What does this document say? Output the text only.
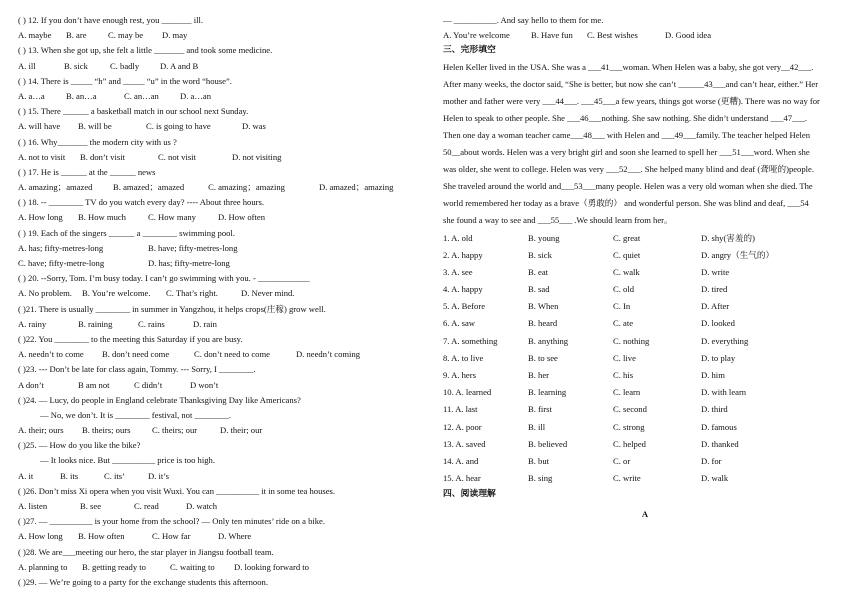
( ) 12. If you don’t have enough rest, you _______ ill.
A. maybe	B. are	C. may be	D. may
( ) 13. When she got up, she felt a little _______ and took some medicine.
A. ill	B. sick	C. badly	D. A and B
( ) 14. There is _____ “h” and _____ “u” in the word “house”.
A. a…a	B. an…a	C. an…an	D. a…an
( ) 15. There ______ a basketball match in our school next Sunday.
A. will have	B. will be	C. is going to have	D. was
( ) 16. Why_______ the modern city with us ?
A. not to visit	B. don’t visit	C. not visit	D. not visiting
( ) 17. He is ______ at the ______ news
A. amazing；amazed	B. amazed；amazed	C. amazing；amazing	D. amazed；amazing
( ) 18. -- ________ TV do you watch every day? ---- About three hours.
A. How long	B. How much	C. How many	D. How often
( ) 19. Each of the singers ______ a ________ swimming pool.
A. has; fifty-metres-long	B. have; fifty-metres-long
C. have; fifty-metre-long	D. has; fifty-metre-long
( ) 20. --Sorry, Tom. I’m busy today. I can’t go swimming with you. - ____________
A. No problem.	B. You’re welcome.	C. That’s right.	D. Never mind.
( )21. There is usually ________ in summer in Yangzhou, it helps crops(庄稼) grow well.
A. rainy	B. raining	C. rains	D. rain
( )22. You ________ to the meeting this Saturday if you are busy.
A. needn’t to come	B. don’t need come	C. don’t need to come	D. needn’t coming
( )23. --- Don’t be late for class again, Tommy. --- Sorry, I ________.
A don’t	B am not	C didn’t	D won’t
( )24. — Lucy, do people in England celebrate Thanksgiving Day like Americans?
— No, we don’t. It is ________ festival, not ________.
A. their; ours	B. theirs; ours	C. theirs; our	D. their; our
( )25. — How do you like the bike?
— It looks nice. But __________ price is too high.
A. it	B. its	C. its’	D. it’s
( )26. Don’t miss Xi opera when you visit Wuxi. You can __________ it in some tea houses.
A. listen	B. see	C. read	D. watch
( )27. — __________ is your home from the school? — Only ten minutes’ ride on a bike.
A. How long	B. How often	C. How far	D. Where
( )28. We are___meeting our hero, the star player in Jiangsu football team.
A. planning to	B. getting ready to	C. waiting to	D. looking forward to
( )29. — We’re going to a party for the exchange students this afternoon.
— __________. And say hello to them for me.
A. You’re welcome	B. Have fun	C. Best wishes	D. Good idea
三、完形填空
Helen Keller lived in the USA. She was a ___41___woman. When Helen was a baby, she got very__42___.
After many weeks, the doctor said, “She is better, but now she can’t ______43___and can’t hear, either.” Her
mother and father were very ___44___. ___45___a few years, things got worse (更糟). There was no way for
Helen to speak to other people. She ___46___nothing. She saw nothing. She didn’t understand ___47___.
Then one day a woman teacher came___48___ with Helen and ___49___family. The teacher helped Helen
50__about words. Helen was a very bright girl and soon she learned to spell her ___51___word. When she
was older, she went to college. Helen was very ___52___. She helped many blind and deaf (聋哑的)people.
She traveled around the world and___53___many people. Helen was a very old woman when she died. The
world remembered her today as a brave（勇敢的） and wonderful person. She was blind and deaf, ___54
she found a way to see and ___55___ .We should learn from her。
1. A. old	B. young	C. great	D. shy(害羞的)
2. A. happy	B. sick	C. quiet	D. angry（生气的）
3. A. see	B. eat	C. walk	D. write
4. A. happy	B. sad	C. old	D. tired
5. A. Before	B. When	C. In	D. After
6. A. saw	B. heard	C. ate	D. looked
7. A. something	B. anything	C. nothing	D. everything
8. A. to live	B. to see	C. live	D. to play
9. A. hers	B. her	C. his	D. him
10. A. learned	B. learning	C. learn	D. with learn
11. A. last	B. first	C. second	D. third
12. A. poor	B. ill	C. strong	D. famous
13. A. saved	B. believed	C. helped	D. thanked
14. A. and	B. but	C. or	D. for
15. A. hear	B. sing	C. write	D. walk
四、阅读理解
A
